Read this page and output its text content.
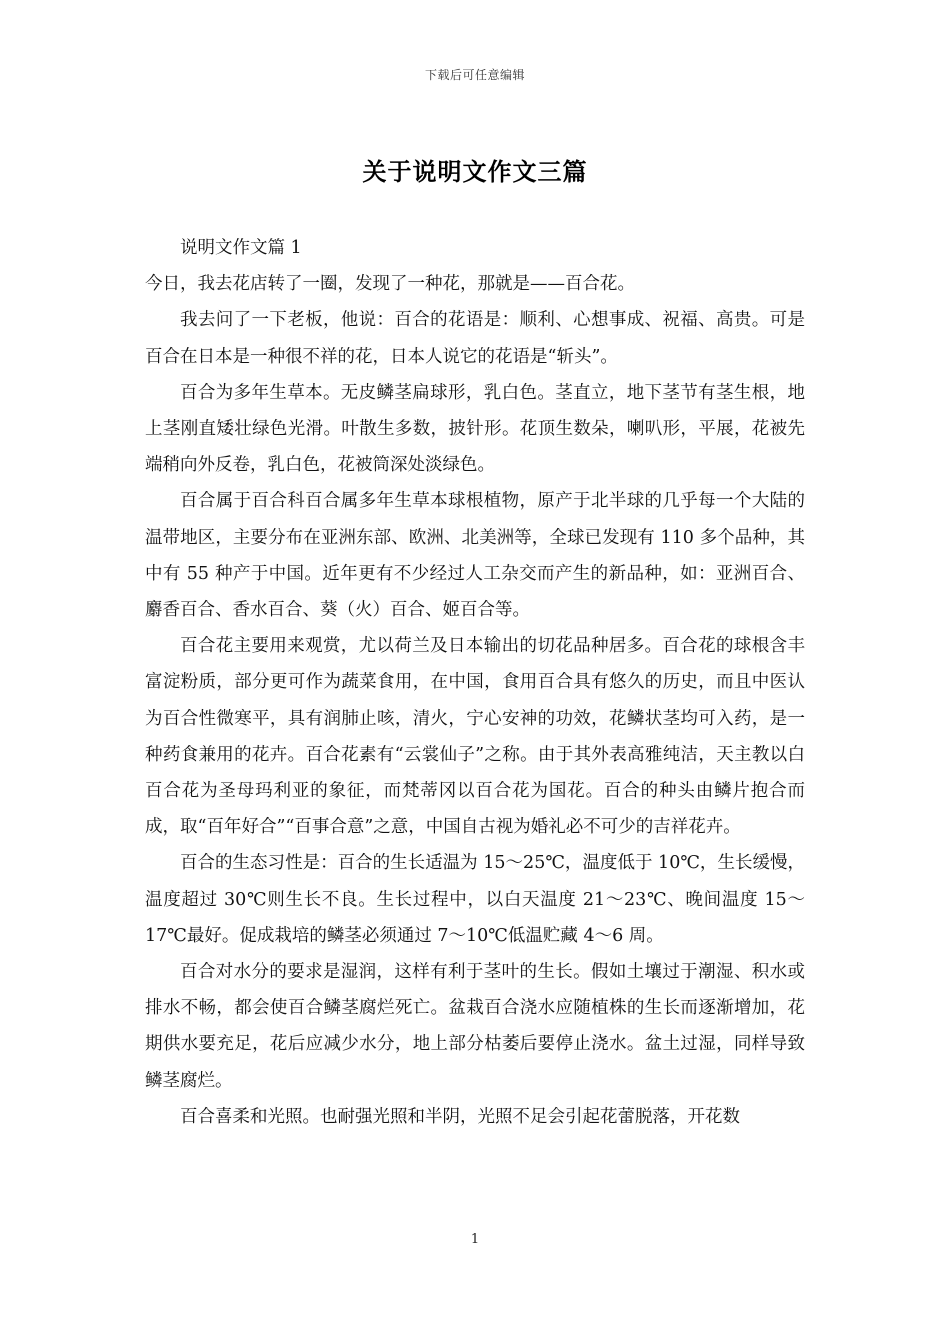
下载后可任意编辑
关于说明文作文三篇

说明文作文篇 1

今日，我去花店转了一圈，发现了一种花，那就是——百合花。

我去问了一下老板，他说：百合的花语是：顺利、心想事成、祝福、高贵。可是百合在日本是一种很不祥的花，日本人说它的花语是“斩头”。

百合为多年生草本。无皮鳞茎扁球形，乳白色。茎直立，地下茎节有茎生根，地上茎刚直矮壮绿色光滑。叶散生多数，披针形。花顶生数朵，喇叭形，平展，花被先端稍向外反卷，乳白色，花被筒深处淡绿色。

百合属于百合科百合属多年生草本球根植物，原产于北半球的几乎每一个大陆的温带地区，主要分布在亚洲东部、欧洲、北美洲等，全球已发现有 110 多个品种，其中有 55 种产于中国。近年更有不少经过人工杂交而产生的新品种，如：亚洲百合、麝香百合、香水百合、葵（火）百合、姬百合等。

百合花主要用来观赏，尤以荷兰及日本输出的切花品种居多。百合花的球根含丰富淀粉质，部分更可作为蔬菜食用，在中国，食用百合具有悠久的历史，而且中医认为百合性微寒平，具有润肺止咳，清火，宁心安神的功效，花鳞状茎均可入药，是一种药食兼用的花卉。百合花素有“云裳仙子”之称。由于其外表高雅纯洁，天主教以白百合花为圣母玛利亚的象征，而梵蒂冈以百合花为国花。百合的种头由鳞片抱合而成，取“百年好合”“百事合意”之意，中国自古视为婚礼必不可少的吉祥花卉。

百合的生态习性是：百合的生长适温为 15～25℃，温度低于 10℃，生长缓慢，温度超过 30℃则生长不良。生长过程中，以白天温度 21～23℃、晚间温度 15～17℃最好。促成栽培的鳞茎必须通过 7～10℃低温贮藏 4～6 周。

百合对水分的要求是湿润，这样有利于茎叶的生长。假如土壤过于潮湿、积水或排水不畅，都会使百合鳞茎腐烂死亡。盆栽百合浇水应随植株的生长而逐渐增加，花期供水要充足，花后应减少水分，地上部分枯萎后要停止浇水。盆土过湿，同样导致鳞茎腐烂。

百合喜柔和光照。也耐强光照和半阴，光照不足会引起花蕾脱落，开花数

1
